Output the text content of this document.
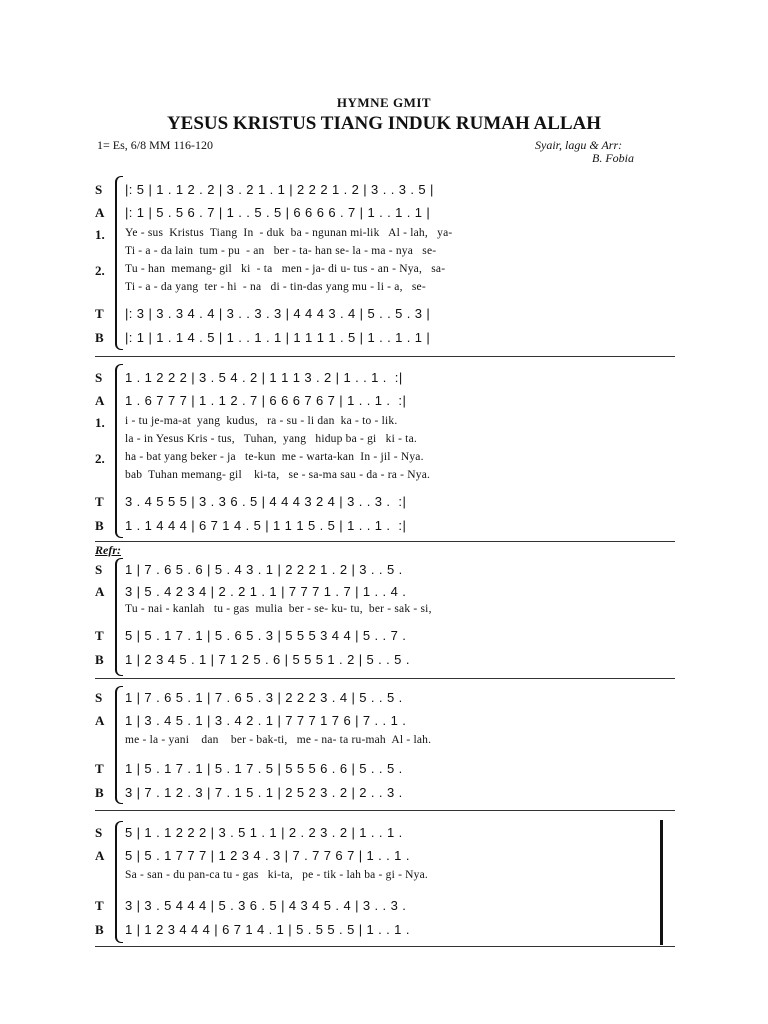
HYMNE GMIT
YESUS KRISTUS TIANG INDUK RUMAH ALLAH
1= Es, 6/8 MM 116-120	Syair, lagu & Arr:
B. Fobia
S	|: 5 | 1 . 1 2 . 2 | 3 . 2 1 . 1 | 2 2 2 1 . 2 | 3 . . 3 . 5 |
A	|: 1 | 5 . 5 6 . 7 | 1 . . 5 . 5 | 6 6 6 6 . 7 | 1 . . 1 . 1 |
1.	Ye - sus  Kristus  Tiang  In  - duk  ba - ngunan mi-lik   Al - lah,   ya-
Ti - a - da lain  tum - pu  - an   ber - ta- han se- la - ma - nya   se-
2.	Tu - han  memang- gil   ki  - ta   men - ja- di u- tus - an - Nya,   sa-
Ti - a - da yang  ter - hi  - na   di - tin-das yang mu - li - a,   se-
T	|: 3 | 3 . 3 4 . 4 | 3 . . 3 . 3 | 4 4 4 3 . 4 | 5 . . 5 . 3 |
B	|: 1 | 1 . 1 4 . 5 | 1 . . 1 . 1 | 1 1 1 1 . 5 | 1 . . 1 . 1 |
S	1 . 1 2 2 2 | 3 . 5 4 . 2 | 1 1 1 3 . 2 | 1 . . 1 .  :|
A	1 . 6 7 7 7 | 1 . 1 2 . 7 | 6 6 6 7 6 7 | 1 . . 1 .  :|
1.	i - tu je-ma-at  yang  kudus,   ra - su - li dan  ka - to - lik.
la - in Yesus Kris - tus,   Tuhan,  yang   hidup ba - gi   ki - ta.
2.	ha - bat yang beker - ja   te-kun  me - warta-kan  In - jil - Nya.
bab  Tuhan memang- gil    ki-ta,   se - sa-ma sau - da - ra - Nya.
T	3 . 4 5 5 5 | 3 . 3 6 . 5 | 4 4 4 3 2 4 | 3 . . 3 .  :|
B	1 . 1 4 4 4 | 6 7 1 4 . 5 | 1 1 1 5 . 5 | 1 . . 1 .  :|
Refr:
S	1 | 7 . 6 5 . 6 | 5 . 4 3 . 1 | 2 2 2 1 . 2 | 3 . . 5 .
A	3 | 5 . 4 2 3 4 | 2 . 2 1 . 1 | 7 7 7 1 . 7 | 1 . . 4 .
Tu - nai - kanlah   tu - gas  mulia  ber - se- ku- tu,  ber - sak - si,
T	5 | 5 . 1 7 . 1 | 5 . 6 5 . 3 | 5 5 5 3 4 4 | 5 . . 7 .
B	1 | 2 3 4 5 . 1 | 7 1 2 5 . 6 | 5 5 5 1 . 2 | 5 . . 5 .
S	1 | 7 . 6 5 . 1 | 7 . 6 5 . 3 | 2 2 2 3 . 4 | 5 . . 5 .
A	1 | 3 . 4 5 . 1 | 3 . 4 2 . 1 | 7 7 7 1 7 6 | 7 . . 1 .
me - la - yani    dan    ber - bak-ti,   me - na- ta ru-mah  Al - lah.
T	1 | 5 . 1 7 . 1 | 5 . 1 7 . 5 | 5 5 5 6 . 6 | 5 . . 5 .
B	3 | 7 . 1 2 . 3 | 7 . 1 5 . 1 | 2 5 2 3 . 2 | 2 . . 3 .
S	5 | 1 . 1 2 2 2 | 3 . 5 1 . 1 | 2 . 2 3 . 2 | 1 . . 1 .
A	5 | 5 . 1 7 7 7 | 1 2 3 4 . 3 | 7 . 7 7 6 7 | 1 . . 1 .
Sa - san - du pan-ca tu - gas   ki-ta,   pe - tik - lah ba - gi - Nya.
T	3 | 3 . 5 4 4 4 | 5 . 3 6 . 5 | 4 3 4 5 . 4 | 3 . . 3 .
B	1 | 1 2 3 4 4 4 | 6 7 1 4 . 1 | 5 . 5 5 . 5 | 1 . . 1 .
